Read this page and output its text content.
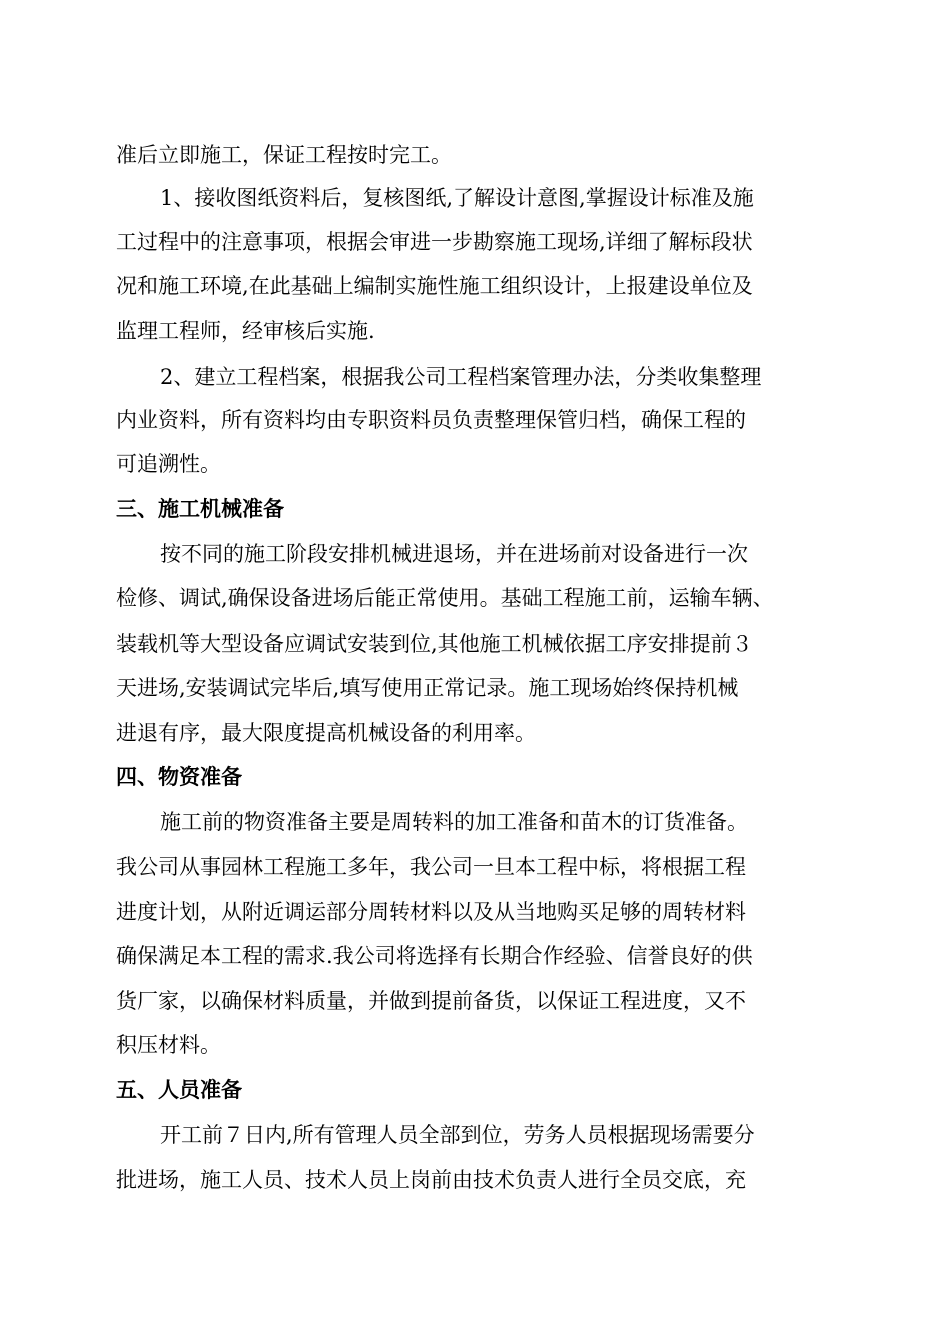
准后立即施工，保证工程按时完工。
1、接收图纸资料后，复核图纸,了解设计意图,掌握设计标准及施
工过程中的注意事项，根据会审进一步勘察施工现场,详细了解标段状
况和施工环境,在此基础上编制实施性施工组织设计，上报建设单位及
监理工程师，经审核后实施.
2、建立工程档案，根据我公司工程档案管理办法，分类收集整理
内业资料，所有资料均由专职资料员负责整理保管归档，确保工程的
可追溯性。
三、施工机械准备
按不同的施工阶段安排机械进退场，并在进场前对设备进行一次
检修、调试,确保设备进场后能正常使用。基础工程施工前，运输车辆、
装载机等大型设备应调试安装到位,其他施工机械依据工序安排提前３
天进场,安装调试完毕后,填写使用正常记录。施工现场始终保持机械
进退有序，最大限度提高机械设备的利用率。
四、物资准备
施工前的物资准备主要是周转料的加工准备和苗木的订货准备。
我公司从事园林工程施工多年，我公司一旦本工程中标，将根据工程
进度计划，从附近调运部分周转材料以及从当地购买足够的周转材料
确保满足本工程的需求.我公司将选择有长期合作经验、信誉良好的供
货厂家，以确保材料质量，并做到提前备货，以保证工程进度，又不
积压材料。
五、人员准备
开工前７日内,所有管理人员全部到位，劳务人员根据现场需要分
批进场，施工人员、技术人员上岗前由技术负责人进行全员交底，充
